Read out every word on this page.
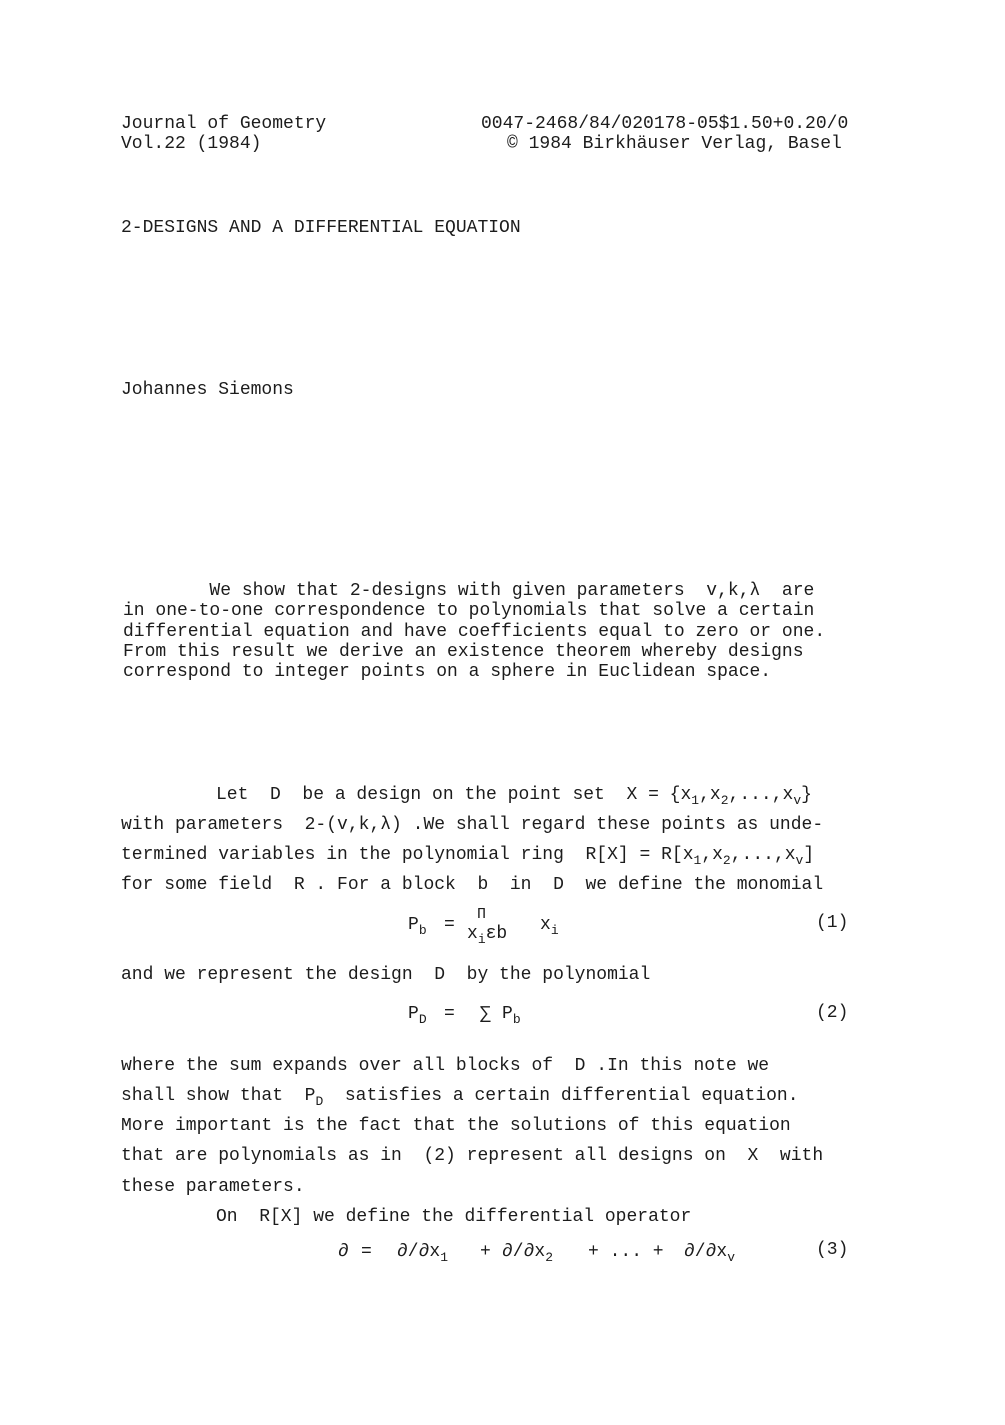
Journal of Geometry
Vol.22 (1984)
0047-2468/84/020178-05$1.50+0.20/0
© 1984 Birkhäuser Verlag, Basel
2-DESIGNS AND A DIFFERENTIAL EQUATION
Johannes Siemons
We show that 2-designs with given parameters  v,k,λ  are
in one-to-one correspondence to polynomials that solve a certain
differential equation and have coefficients equal to zero or one.
From this result we derive an existence theorem whereby designs
correspond to integer points on a sphere in Euclidean space.
Let  D  be a design on the point set  $X = \{x_1,x_2,...,x_v\}$
with parameters  2-(v,k,λ) .We shall regard these points as unde-
termined variables in the polynomial ring  $R[X] = R[x_1,x_2,...,x_v]$
for some field  R . For a block  b  in  D  we define the monomial
$P_b$ =
Π
$x_i\varepsilon b$ $x_i$	(1)
and we represent the design  D  by the polynomial
$P_D$ = ∑ $P_b$	(2)
where the sum expands over all blocks of  D .In this note we
shall show that  $P_D$  satisfies a certain differential equation.
More important is the fact that the solutions of this equation
that are polynomials as in  (2) represent all designs on  X  with
these parameters.
On  R[X] we define the differential operator
∂ = $\partial/\partial x_1 + \partial/\partial x_2$ + ... + $\partial/\partial x_v$	(3)
